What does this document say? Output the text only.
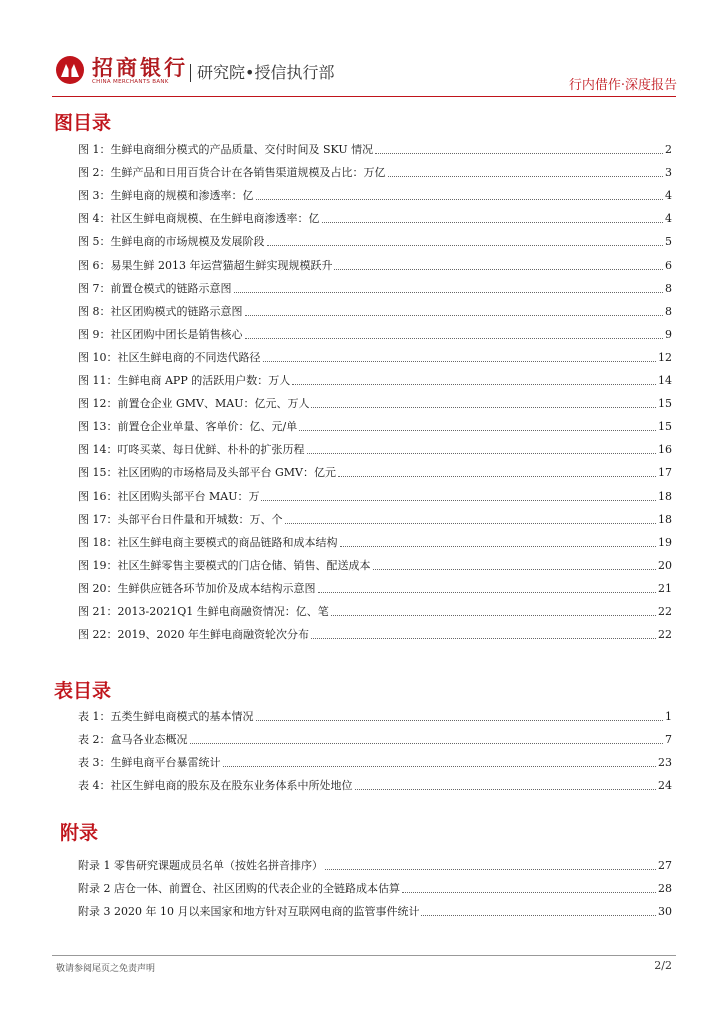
招商银行
CHINA MERCHANTS BANK	研究院•授信执行部
行内借作·深度报告
图目录
图 1：生鲜电商细分模式的产品质量、交付时间及 SKU 情况	2
图 2：生鲜产品和日用百货合计在各销售渠道规模及占比：万亿	3
图 3：生鲜电商的规模和渗透率：亿	4
图 4：社区生鲜电商规模、在生鲜电商渗透率：亿	4
图 5：生鲜电商的市场规模及发展阶段	5
图 6：易果生鲜 2013 年运营猫超生鲜实现规模跃升	6
图 7：前置仓模式的链路示意图	8
图 8：社区团购模式的链路示意图	8
图 9：社区团购中团长是销售核心	9
图 10：社区生鲜电商的不同迭代路径	12
图 11：生鲜电商 APP 的活跃用户数：万人	14
图 12：前置仓企业 GMV、MAU：亿元、万人	15
图 13：前置仓企业单量、客单价：亿、元/单	15
图 14：叮咚买菜、每日优鲜、朴朴的扩张历程	16
图 15：社区团购的市场格局及头部平台 GMV：亿元	17
图 16：社区团购头部平台 MAU：万	18
图 17：头部平台日件量和开城数：万、个	18
图 18：社区生鲜电商主要模式的商品链路和成本结构	19
图 19：社区生鲜零售主要模式的门店仓储、销售、配送成本	20
图 20：生鲜供应链各环节加价及成本结构示意图	21
图 21：2013-2021Q1 生鲜电商融资情况：亿、笔	22
图 22：2019、2020 年生鲜电商融资轮次分布	22
表目录
表 1：五类生鲜电商模式的基本情况	1
表 2：盒马各业态概况	7
表 3：生鲜电商平台暴雷统计	23
表 4：社区生鲜电商的股东及在股东业务体系中所处地位	24
附录
附录 1 零售研究课题成员名单（按姓名拼音排序）	27
附录 2 店仓一体、前置仓、社区团购的代表企业的全链路成本估算	28
附录 3 2020 年 10 月以来国家和地方针对互联网电商的监管事件统计	30
敬请参阅尾页之免责声明	2/2
